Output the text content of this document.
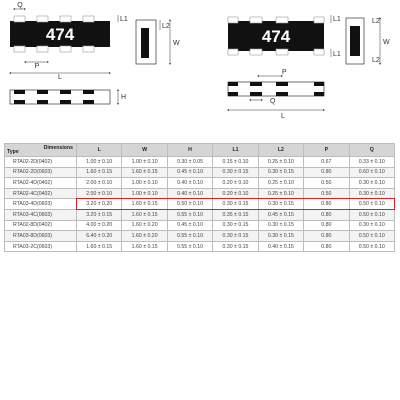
474
Q
P
L
L1
L2
W
H
474
L1
L1
L2
W
L2
P
Q
L
Dimensions
Type	L	W	H	L1	L2	P	Q
RTA02-2D(0402)	1.00 ± 0.10	1.00 ± 0.10	0.30 ± 0.05	0.15 ± 0.10	0.25 ± 0.10	0.67	0.33 ± 0.10
RTA02-2D(0603)	1.60 ± 0.15	1.60 ± 0.15	0.45 ± 0.10	0.30 ± 0.15	0.30 ± 0.15	0.80	0.60 ± 0.10
RTA02-4D(0402)	2.00 ± 0.10	1.00 ± 0.10	0.40 ± 0.10	0.20 ± 0.10	0.25 ± 0.10	0.50	0.30 ± 0.10
RTA02-4C(0402)	2.00 ± 0.10	1.00 ± 0.10	0.40 ± 0.10	0.20 ± 0.10	0.25 ± 0.10	0.50	0.30 ± 0.10
RTA03-4D(0603)	3.20 ± 0.20	1.60 ± 0.15	0.50 ± 0.10	0.30 ± 0.15	0.30 ± 0.15	0.80	0.50 ± 0.10
RTA03-4C(0603)	3.20 ± 0.15	1.60 ± 0.15	0.55 ± 0.10	0.35 ± 0.15	0.45 ± 0.15	0.80	0.50 ± 0.10
RTA02-8D(0402)	4.00 ± 0.20	1.60 ± 0.20	0.45 ± 0.10	0.30 ± 0.15	0.30 ± 0.15	0.80	0.30 ± 0.10
RTA03-8D(0603)	6.40 ± 0.20	1.60 ± 0.20	0.55 ± 0.10	0.30 ± 0.15	0.30 ± 0.15	0.80	0.50 ± 0.10
RTA03-2C(0603)	1.60 ± 0.15	1.60 ± 0.15	0.55 ± 0.10	0.30 ± 0.15	0.40 ± 0.15	0.80	0.50 ± 0.10
